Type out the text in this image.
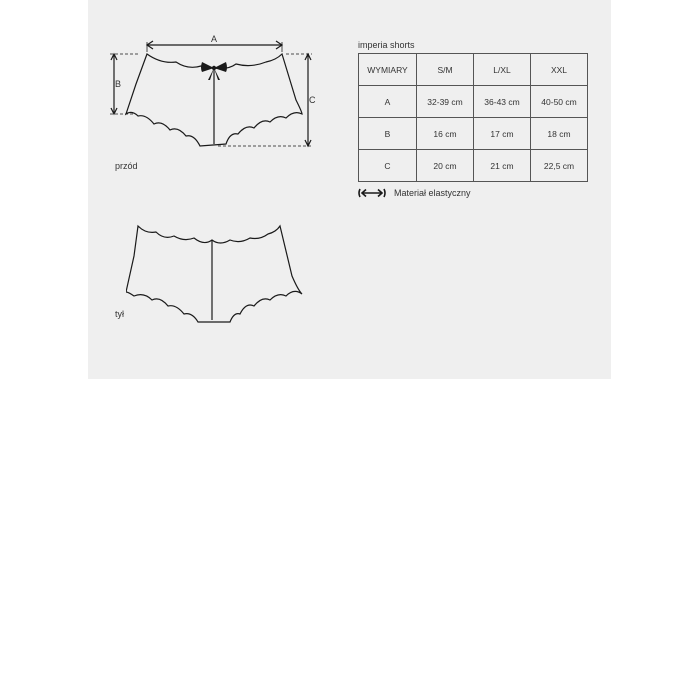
A
B
C
przód
tył
imperia shorts
WYMIARY	S/M	L/XL	XXL
A	32-39 cm	36-43 cm	40-50 cm
B	16 cm	17 cm	18 cm
C	20 cm	21 cm	22,5 cm
Materiał elastyczny
